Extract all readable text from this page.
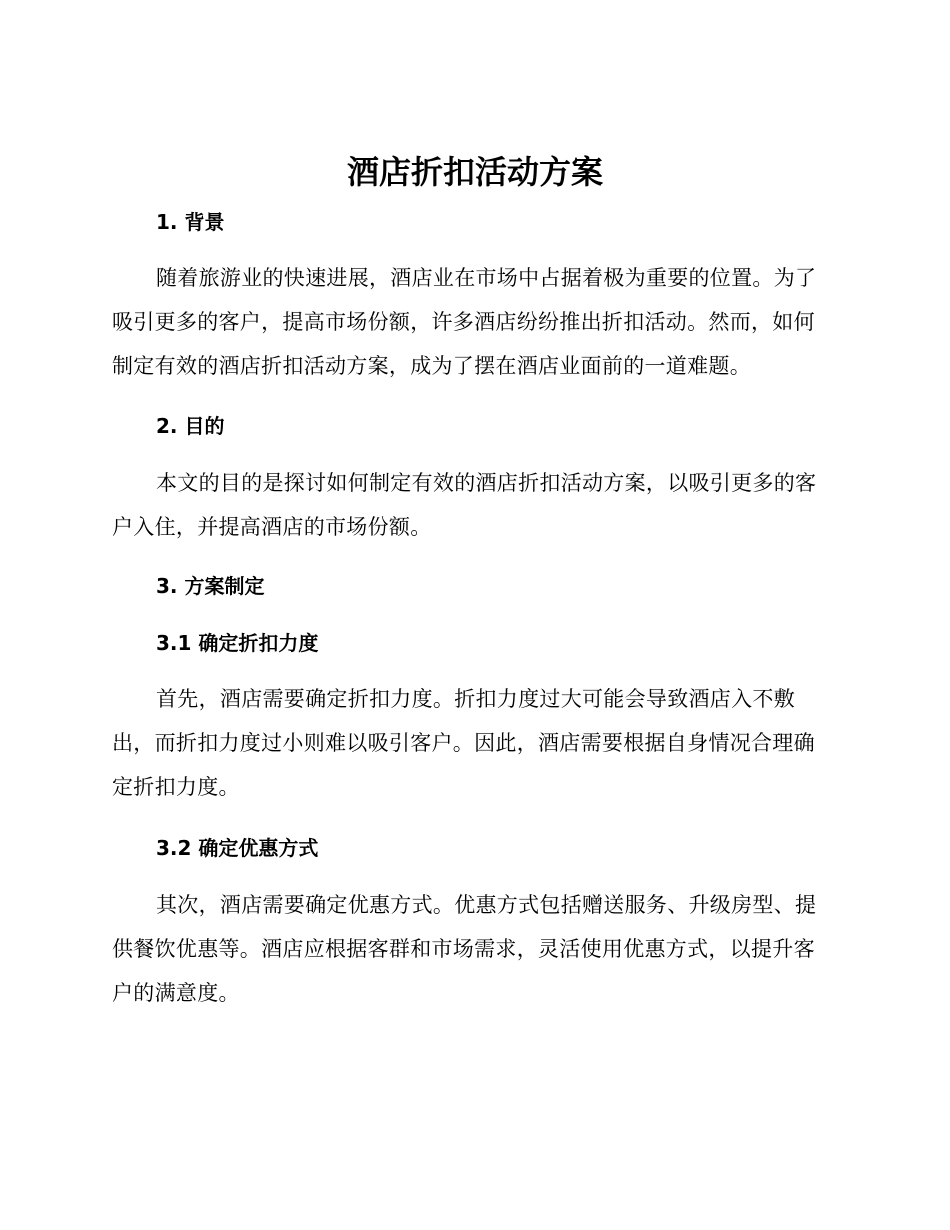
酒店折扣活动方案
1. 背景

随着旅游业的快速进展，酒店业在市场中占据着极为重要的位置。为了吸引更多的客户，提高市场份额，许多酒店纷纷推出折扣活动。然而，如何制定有效的酒店折扣活动方案，成为了摆在酒店业面前的一道难题。

2. 目的

本文的目的是探讨如何制定有效的酒店折扣活动方案，以吸引更多的客户入住，并提高酒店的市场份额。

3. 方案制定
3.1 确定折扣力度

首先，酒店需要确定折扣力度。折扣力度过大可能会导致酒店入不敷出，而折扣力度过小则难以吸引客户。因此，酒店需要根据自身情况合理确定折扣力度。

3.2 确定优惠方式

其次，酒店需要确定优惠方式。优惠方式包括赠送服务、升级房型、提供餐饮优惠等。酒店应根据客群和市场需求，灵活使用优惠方式，以提升客户的满意度。
